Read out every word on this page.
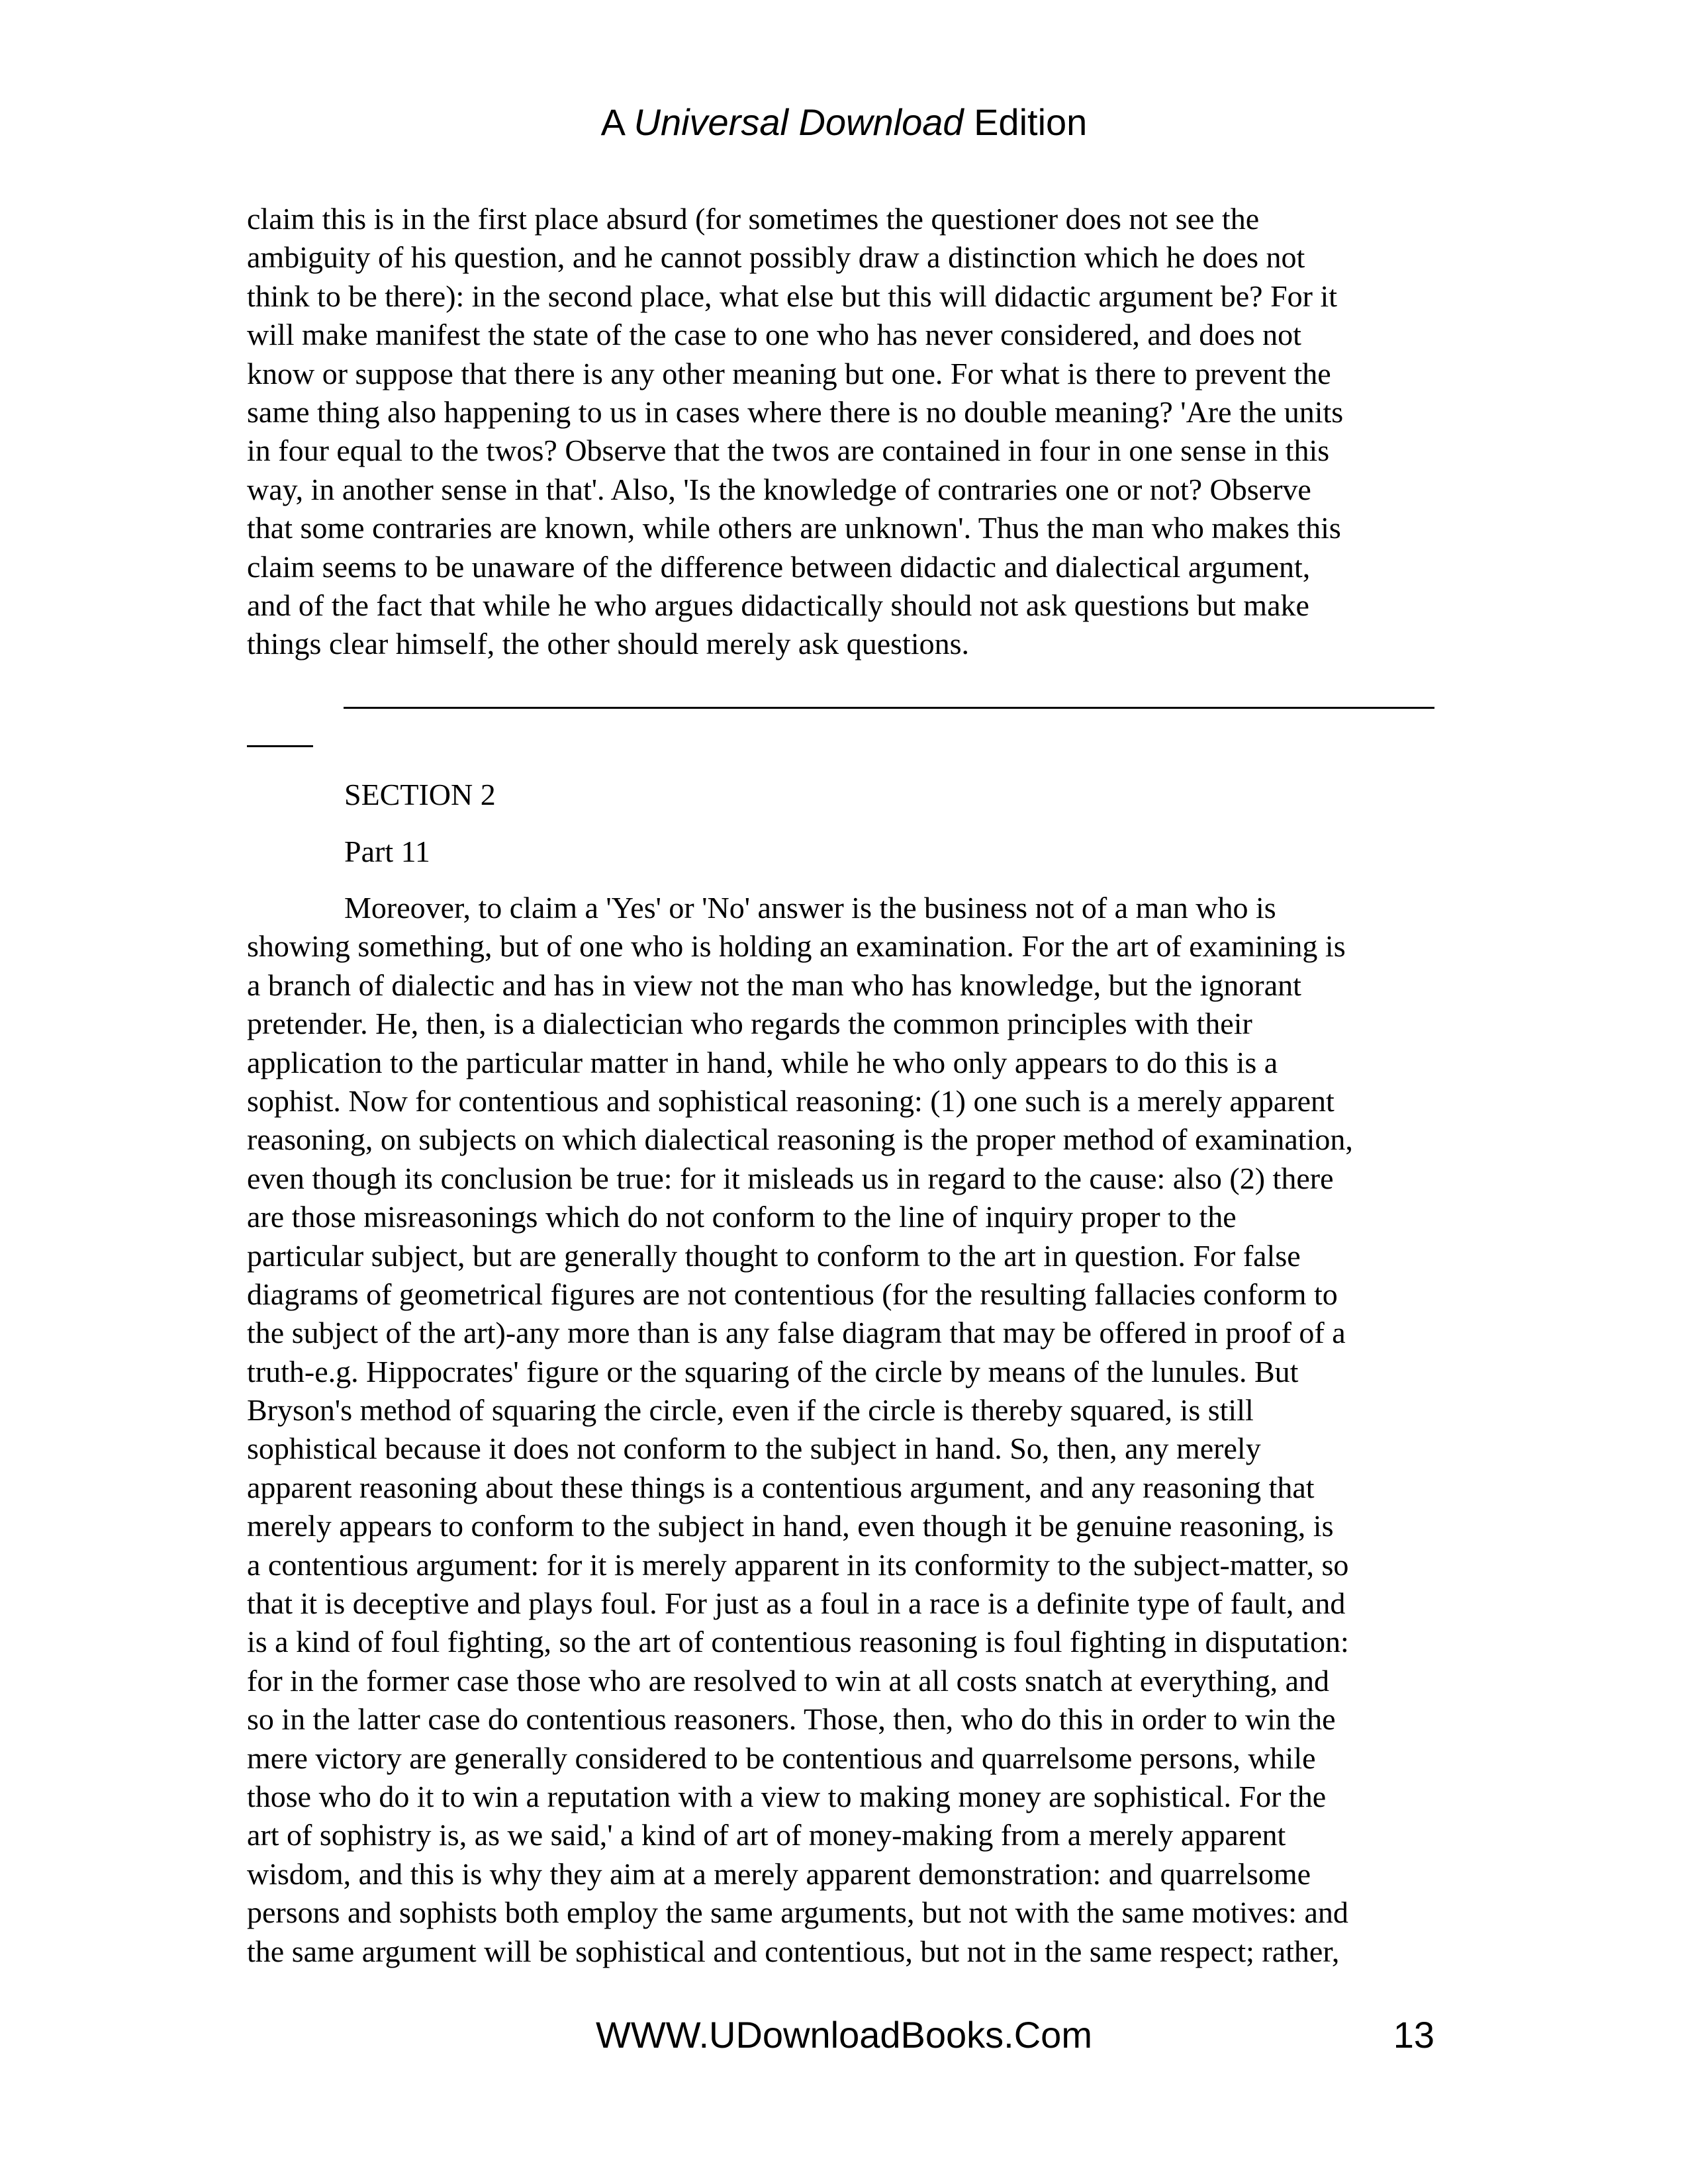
A Universal Download Edition
claim this is in the first place absurd (for sometimes the questioner does not see the
ambiguity of his question, and he cannot possibly draw a distinction which he does not
think to be there): in the second place, what else but this will didactic argument be? For it
will make manifest the state of the case to one who has never considered, and does not
know or suppose that there is any other meaning but one. For what is there to prevent the
same thing also happening to us in cases where there is no double meaning? 'Are the units
in four equal to the twos? Observe that the twos are contained in four in one sense in this
way, in another sense in that'. Also, 'Is the knowledge of contraries one or not? Observe
that some contraries are known, while others are unknown'. Thus the man who makes this
claim seems to be unaware of the difference between didactic and dialectical argument,
and of the fact that while he who argues didactically should not ask questions but make
things clear himself, the other should merely ask questions.
SECTION 2
Part 11
Moreover, to claim a 'Yes' or 'No' answer is the business not of a man who is
showing something, but of one who is holding an examination. For the art of examining is
a branch of dialectic and has in view not the man who has knowledge, but the ignorant
pretender. He, then, is a dialectician who regards the common principles with their
application to the particular matter in hand, while he who only appears to do this is a
sophist. Now for contentious and sophistical reasoning: (1) one such is a merely apparent
reasoning, on subjects on which dialectical reasoning is the proper method of examination,
even though its conclusion be true: for it misleads us in regard to the cause: also (2) there
are those misreasonings which do not conform to the line of inquiry proper to the
particular subject, but are generally thought to conform to the art in question. For false
diagrams of geometrical figures are not contentious (for the resulting fallacies conform to
the subject of the art)-any more than is any false diagram that may be offered in proof of a
truth-e.g. Hippocrates' figure or the squaring of the circle by means of the lunules. But
Bryson's method of squaring the circle, even if the circle is thereby squared, is still
sophistical because it does not conform to the subject in hand. So, then, any merely
apparent reasoning about these things is a contentious argument, and any reasoning that
merely appears to conform to the subject in hand, even though it be genuine reasoning, is
a contentious argument: for it is merely apparent in its conformity to the subject-matter, so
that it is deceptive and plays foul. For just as a foul in a race is a definite type of fault, and
is a kind of foul fighting, so the art of contentious reasoning is foul fighting in disputation:
for in the former case those who are resolved to win at all costs snatch at everything, and
so in the latter case do contentious reasoners. Those, then, who do this in order to win the
mere victory are generally considered to be contentious and quarrelsome persons, while
those who do it to win a reputation with a view to making money are sophistical. For the
art of sophistry is, as we said,' a kind of art of money-making from a merely apparent
wisdom, and this is why they aim at a merely apparent demonstration: and quarrelsome
persons and sophists both employ the same arguments, but not with the same motives: and
the same argument will be sophistical and contentious, but not in the same respect; rather,
WWW.UDownloadBooks.Com	13
